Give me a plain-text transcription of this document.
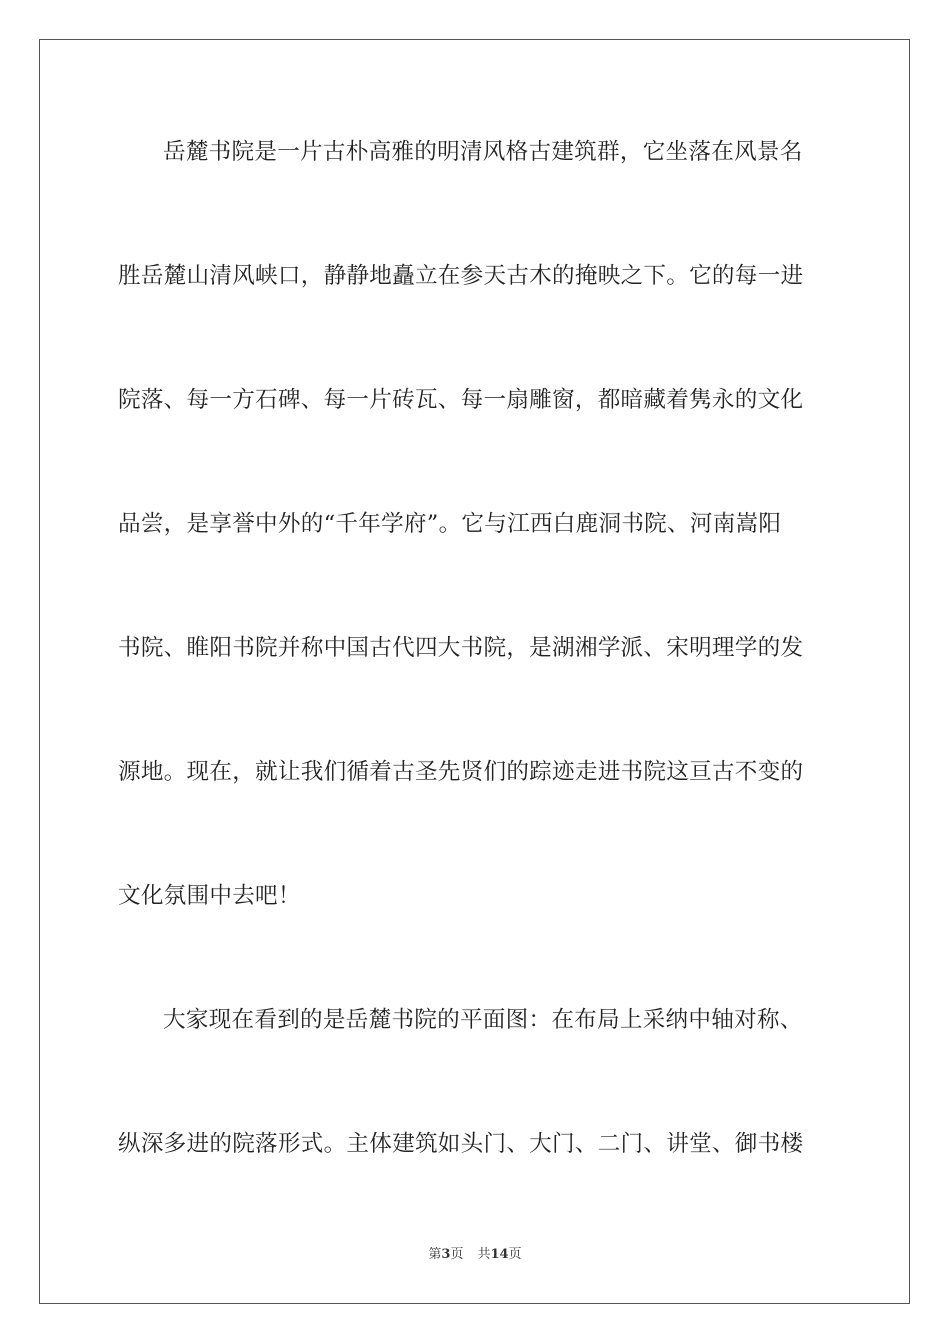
岳麓书院是一片古朴高雅的明清风格古建筑群，它坐落在风景名
胜岳麓山清风峡口，静静地矗立在参天古木的掩映之下。它的每一进
院落、每一方石碑、每一片砖瓦、每一扇雕窗，都暗藏着隽永的文化
品尝，是享誉中外的“千年学府”。它与江西白鹿洞书院、河南嵩阳
书院、睢阳书院并称中国古代四大书院，是湖湘学派、宋明理学的发
源地。现在，就让我们循着古圣先贤们的踪迹走进书院这亘古不变的
文化氛围中去吧！
大家现在看到的是岳麓书院的平面图：在布局上采纳中轴对称、
纵深多进的院落形式。主体建筑如头门、大门、二门、讲堂、御书楼
第3页 共14页
